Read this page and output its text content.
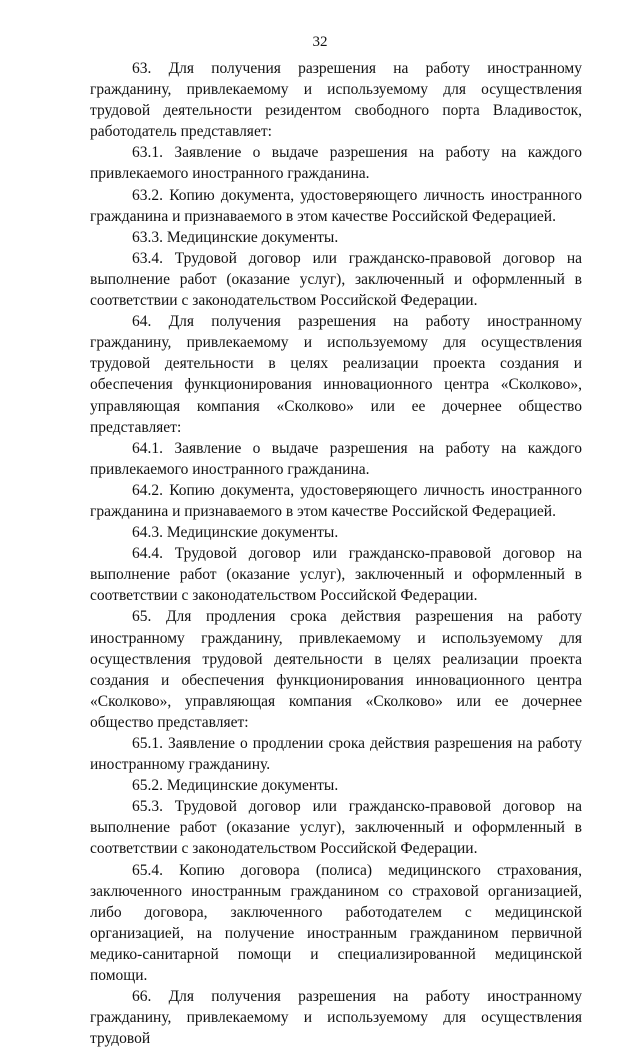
32

63. Для получения разрешения на работу иностранному гражданину, привлекаемому и используемому для осуществления трудовой деятельности резидентом свободного порта Владивосток, работодатель представляет:

63.1. Заявление о выдаче разрешения на работу на каждого привлекаемого иностранного гражданина.

63.2. Копию документа, удостоверяющего личность иностранного гражданина и признаваемого в этом качестве Российской Федерацией.

63.3. Медицинские документы.

63.4. Трудовой договор или гражданско-правовой договор на выполнение работ (оказание услуг), заключенный и оформленный в соответствии с законодательством Российской Федерации.

64. Для получения разрешения на работу иностранному гражданину, привлекаемому и используемому для осуществления трудовой деятельности в целях реализации проекта создания и обеспечения функционирования инновационного центра «Сколково», управляющая компания «Сколково» или ее дочернее общество представляет:

64.1. Заявление о выдаче разрешения на работу на каждого привлекаемого иностранного гражданина.

64.2. Копию документа, удостоверяющего личность иностранного гражданина и признаваемого в этом качестве Российской Федерацией.

64.3. Медицинские документы.

64.4. Трудовой договор или гражданско-правовой договор на выполнение работ (оказание услуг), заключенный и оформленный в соответствии с законодательством Российской Федерации.

65. Для продления срока действия разрешения на работу иностранному гражданину, привлекаемому и используемому для осуществления трудовой деятельности в целях реализации проекта создания и обеспечения функционирования инновационного центра «Сколково», управляющая компания «Сколково» или ее дочернее общество представляет:

65.1. Заявление о продлении срока действия разрешения на работу иностранному гражданину.

65.2. Медицинские документы.

65.3. Трудовой договор или гражданско-правовой договор на выполнение работ (оказание услуг), заключенный и оформленный в соответствии с законодательством Российской Федерации.

65.4. Копию договора (полиса) медицинского страхования, заключенного иностранным гражданином со страховой организацией, либо договора, заключенного работодателем с медицинской организацией, на получение иностранным гражданином первичной медико-санитарной помощи и специализированной медицинской помощи.

66. Для получения разрешения на работу иностранному гражданину, привлекаемому и используемому для осуществления трудовой
